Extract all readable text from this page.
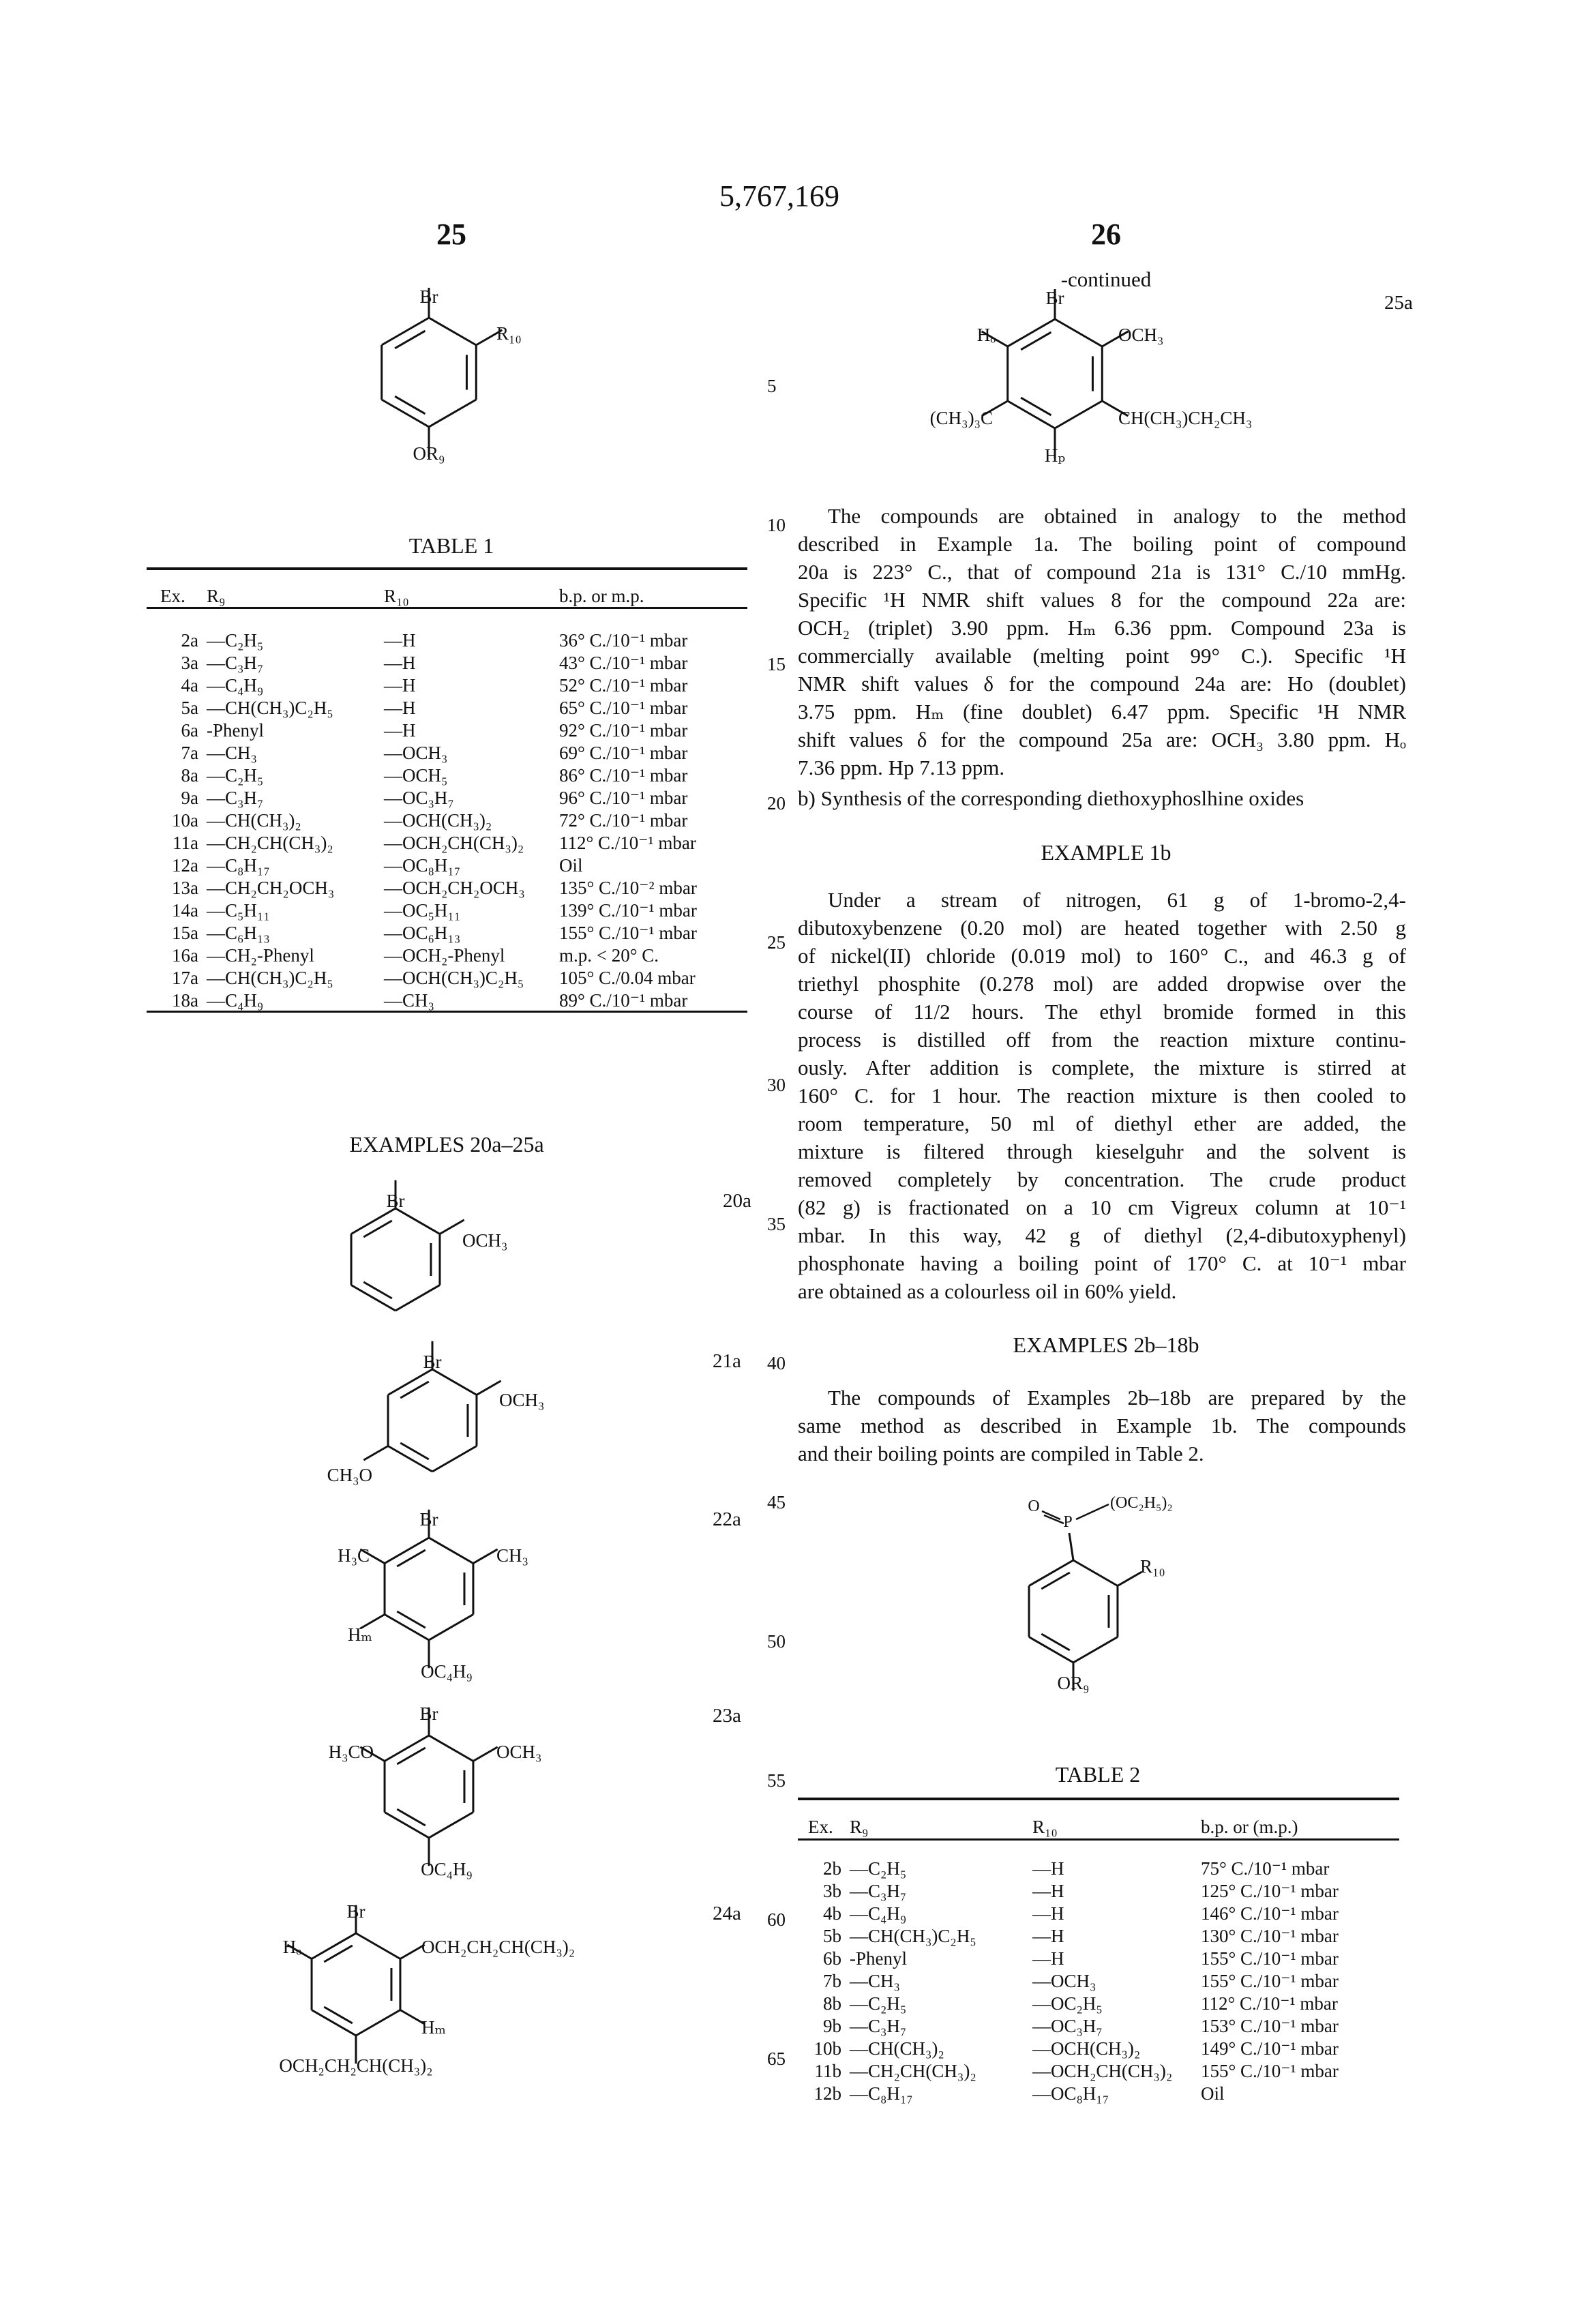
5,767,169
25	26
-continued
Br
R₁₀
OR₉
TABLE 1
Ex.	R₉	R₁₀	b.p. or m.p.

2a	—C₂H₅	—H	36° C./10⁻¹ mbar
3a	—C₃H₇	—H	43° C./10⁻¹ mbar
4a	—C₄H₉	—H	52° C./10⁻¹ mbar
5a	—CH(CH₃)C₂H₅	—H	65° C./10⁻¹ mbar
6a	-Phenyl	—H	92° C./10⁻¹ mbar
7a	—CH₃	—OCH₃	69° C./10⁻¹ mbar
8a	—C₂H₅	—OCH₅	86° C./10⁻¹ mbar
9a	—C₃H₇	—OC₃H₇	96° C./10⁻¹ mbar
10a	—CH(CH₃)₂	—OCH(CH₃)₂	72° C./10⁻¹ mbar
11a	—CH₂CH(CH₃)₂	—OCH₂CH(CH₃)₂	112° C./10⁻¹ mbar
12a	—C₈H₁₇	—OC₈H₁₇	Oil
13a	—CH₂CH₂OCH₃	—OCH₂CH₂OCH₃	135° C./10⁻² mbar
14a	—C₅H₁₁	—OC₅H₁₁	139° C./10⁻¹ mbar
15a	—C₆H₁₃	—OC₆H₁₃	155° C./10⁻¹ mbar
16a	—CH₂-Phenyl	—OCH₂-Phenyl	m.p. < 20° C.
17a	—CH(CH₃)C₂H₅	—OCH(CH₃)C₂H₅	105° C./0.04 mbar
18a	—C₄H₉	—CH₃	89° C./10⁻¹ mbar
EXAMPLES 20a–25a
Br
OCH₃
20a
Br
OCH₃
CH₃O
21a
Br
H₃C	CH₃
Hₘ
OC₄H₉
22a
Br
H₃CO	OCH₃
OC₄H₉
23a
Br
Hₒ	OCH₂CH₂CH(CH₃)₂
Hₘ
OCH₂CH₂CH(CH₃)₂
24a
Br
Hₒ	OCH₃
(CH₃)₃C	CH(CH₃)CH₂CH₃
Hₚ
25a
5
10
15
20
25
30
35
40
45
50
55
60
65
The compounds are obtained in analogy to the method
described in Example 1a. The boiling point of compound
20a is 223° C., that of compound 21a is 131° C./10 mmHg.
Specific ¹H NMR shift values 8 for the compound 22a are:
OCH₂ (triplet) 3.90 ppm. Hₘ 6.36 ppm. Compound 23a is
commercially available (melting point 99° C.). Specific ¹H
NMR shift values δ for the compound 24a are: Ho (doublet)
3.75 ppm. Hₘ (fine doublet) 6.47 ppm. Specific ¹H NMR
shift values δ for the compound 25a are: OCH₃ 3.80 ppm. Hₒ
7.36 ppm. Hp 7.13 ppm.
b) Synthesis of the corresponding diethoxyphoslhine oxides
EXAMPLE 1b
Under a stream of nitrogen, 61 g of 1-bromo-2,4-
dibutoxybenzene (0.20 mol) are heated together with 2.50 g
of nickel(II) chloride (0.019 mol) to 160° C., and 46.3 g of
triethyl phosphite (0.278 mol) are added dropwise over the
course of 11/2 hours. The ethyl bromide formed in this
process is distilled off from the reaction mixture continu-
ously. After addition is complete, the mixture is stirred at
160° C. for 1 hour. The reaction mixture is then cooled to
room temperature, 50 ml of diethyl ether are added, the
mixture is filtered through kieselguhr and the solvent is
removed completely by concentration. The crude product
(82 g) is fractionated on a 10 cm Vigreux column at 10⁻¹
mbar. In this way, 42 g of diethyl (2,4-dibutoxyphenyl)
phosphonate having a boiling point of 170° C. at 10⁻¹ mbar
are obtained as a colourless oil in 60% yield.
EXAMPLES 2b–18b
The compounds of Examples 2b–18b are prepared by the
same method as described in Example 1b. The compounds
and their boiling points are compiled in Table 2.
O
P
(OC₂H₅)₂
R₁₀
OR₉
TABLE 2
Ex.	R₉	R₁₀	b.p. or (m.p.)

2b	—C₂H₅	—H	75° C./10⁻¹ mbar
3b	—C₃H₇	—H	125° C./10⁻¹ mbar
4b	—C₄H₉	—H	146° C./10⁻¹ mbar
5b	—CH(CH₃)C₂H₅	—H	130° C./10⁻¹ mbar
6b	-Phenyl	—H	155° C./10⁻¹ mbar
7b	—CH₃	—OCH₃	155° C./10⁻¹ mbar
8b	—C₂H₅	—OC₂H₅	112° C./10⁻¹ mbar
9b	—C₃H₇	—OC₃H₇	153° C./10⁻¹ mbar
10b	—CH(CH₃)₂	—OCH(CH₃)₂	149° C./10⁻¹ mbar
11b	—CH₂CH(CH₃)₂	—OCH₂CH(CH₃)₂	155° C./10⁻¹ mbar
12b	—C₈H₁₇	—OC₈H₁₇	Oil
